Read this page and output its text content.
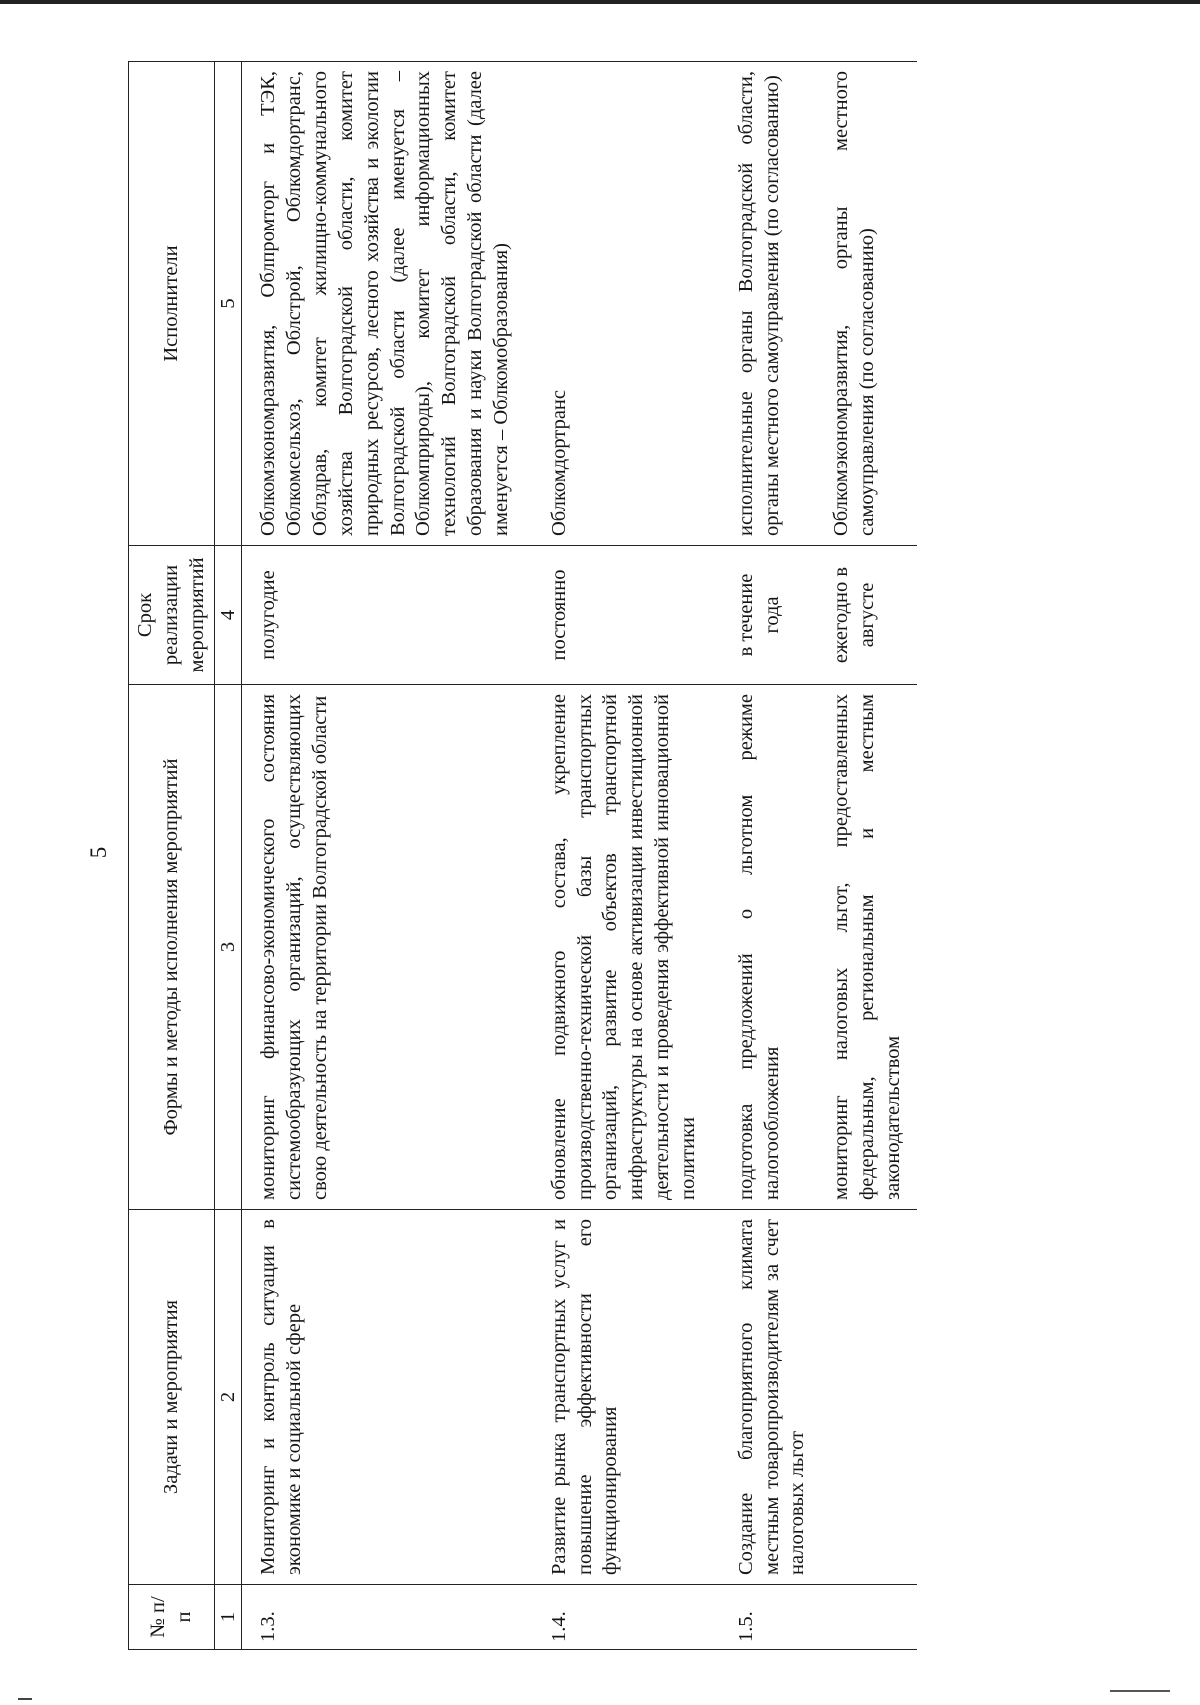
5
№ п/п	Задачи и мероприятия	Формы и методы исполнения мероприятий	Срок реализации мероприятий	Исполнители
1	2	3	4	5
1.3.	Мониторинг и контроль ситуации в экономике и социальной сфере	мониторинг финансово-экономического состояния системообразующих организаций, осуществляющих свою деятельность на территории Волгоградской области	полугодие	Облкомэкономразвития, Облпромторг и ТЭК, Облкомсельхоз, Облстрой, Облкомдортранс, Облздрав, комитет жилищно-коммунального хозяйства Волгоградской области, комитет природных ресурсов, лесного хозяйства и экологии Волгоградской области (далее именуется – Облкомприроды), комитет информационных технологий Волгоградской области, комитет образования и науки Волгоградской области (далее именуется – Облкомобразования)
1.4.	Развитие рынка транспортных услуг и повышение эффективности его функционирования	обновление подвижного состава, укрепление производственно-технической базы транспортных организаций, развитие объектов транспортной инфраструктуры на основе активизации инвестиционной деятельности и проведения эффективной инновационной политики	постоянно	Облкомдортранс
1.5.	Создание благоприятного климата местным товаропроизводителям за счет налоговых льгот	подготовка предложений о льготном режиме налогообложения	в течение года	исполнительные органы Волгоградской области, органы местного самоуправления (по согласованию)
		мониторинг налоговых льгот, предоставленных федеральным, региональным и местным законодательством	ежегодно в августе	Облкомэкономразвития, органы местного самоуправления (по согласованию)
